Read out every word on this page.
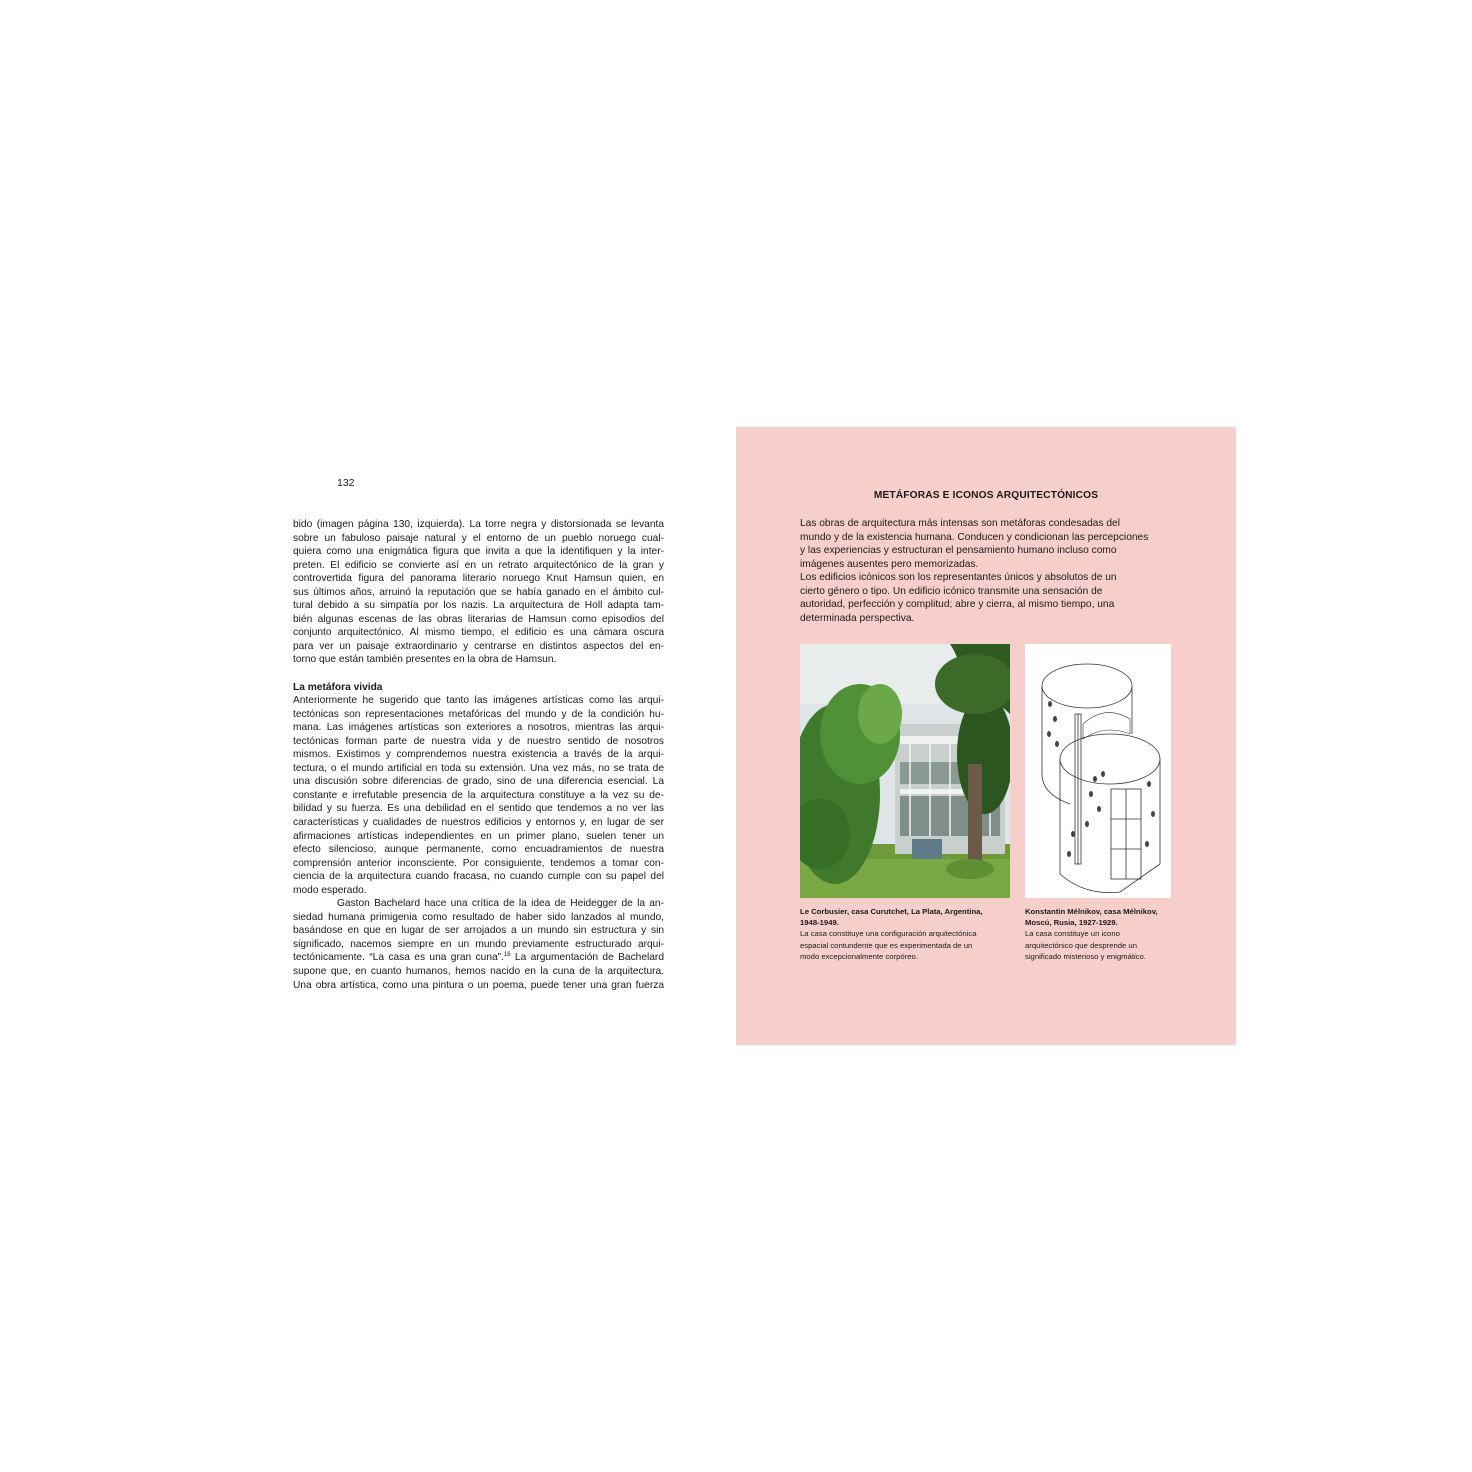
132
bido (imagen página 130, izquierda). La torre negra y distorsionada se levanta
sobre un fabuloso paisaje natural y el entorno de un pueblo noruego cual-
quiera como una enigmática figura que invita a que la identifiquen y la inter-
preten. El edificio se convierte así en un retrato arquitectónico de la gran y
controvertida figura del panorama literario noruego Knut Hamsun quien, en
sus últimos años, arruinó la reputación que se había ganado en el ámbito cul-
tural debido a su simpatía por los nazis. La arquitectura de Holl adapta tam-
bién algunas escenas de las obras literarias de Hamsun como episodios del
conjunto arquitectónico. Al mismo tiempo, el edificio es una cámara oscura
para ver un paisaje extraordinario y centrarse en distintos aspectos del en-
torno que están también presentes en la obra de Hamsun.
La metáfora vivida
Anteriormente he sugerido que tanto las imágenes artísticas como las arqui-
tectónicas son representaciones metafóricas del mundo y de la condición hu-
mana. Las imágenes artísticas son exteriores a nosotros, mientras las arqui-
tectónicas forman parte de nuestra vida y de nuestro sentido de nosotros
mismos. Existimos y comprendemos nuestra existencia a través de la arqui-
tectura, o el mundo artificial en toda su extensión. Una vez más, no se trata de
una discusión sobre diferencias de grado, sino de una diferencia esencial. La
constante e irrefutable presencia de la arquitectura constituye a la vez su de-
bilidad y su fuerza. Es una debilidad en el sentido que tendemos a no ver las
características y cualidades de nuestros edificios y entornos y, en lugar de ser
afirmaciones artísticas independientes en un primer plano, suelen tener un
efecto silencioso, aunque permanente, como encuadramientos de nuestra
comprensión anterior inconsciente. Por consiguiente, tendemos a tomar con-
ciencia de la arquitectura cuando fracasa, no cuando cumple con su papel del
modo esperado.
Gaston Bachelard hace una crítica de la idea de Heidegger de la an-
siedad humana primigenia como resultado de haber sido lanzados al mundo,
basándose en que en lugar de ser arrojados a un mundo sin estructura y sin
significado, nacemos siempre en un mundo previamente estructurado arqui-
tectónicamente. “La casa es una gran cuna”.$^{16}$ La argumentación de Bachelard
supone que, en cuanto humanos, hemos nacido en la cuna de la arquitectura.
Una obra artística, como una pintura o un poema, puede tener una gran fuerza
METÁFORAS E ICONOS ARQUITECTÓNICOS

Las obras de arquitectura más intensas son metáforas condesadas del

mundo y de la existencia humana. Conducen y condicionan las percepciones

y las experiencias y estructuran el pensamiento humano incluso como

imágenes ausentes pero memorizadas.

Los edificios icónicos son los representantes únicos y absolutos de un

cierto género o tipo. Un edificio icónico transmite una sensación de

autoridad, perfección y complitud; abre y cierra, al mismo tiempo, una

determinada perspectiva.

Le Corbusier, casa Curutchet, La Plata, Argentina,
1948-1949.
La casa constituye una configuración arquitectónica
espacial contundente que es experimentada de un
modo excepcionalmente corpóreo.
Konstantin Mélnikov, casa Mélnikov,
Moscú, Rusia, 1927-1929.
La casa constituye un icono
arquitectónico que desprende un
significado misterioso y enigmático.
